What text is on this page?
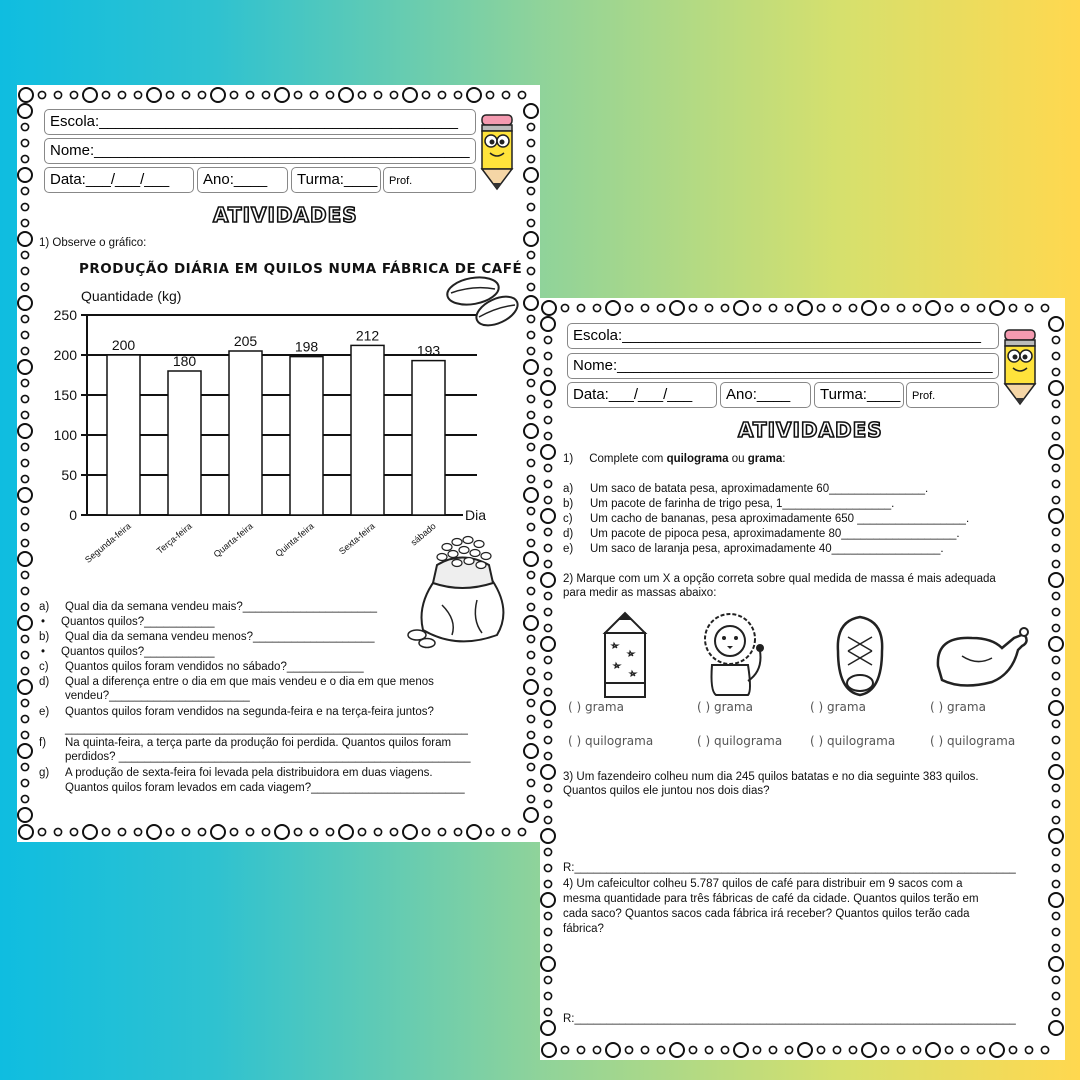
Escola:___________________________________________
Nome:_____________________________________________
Data:___/___/___	Ano:____	Turma:____	Prof.
ATIVIDADES
1) Observe o gráfico:
PRODUÇÃO DIÁRIA EM QUILOS NUMA FÁBRICA DE CAFÉ
200
180
205	198
212
193
0
50
100
150
200
250
Segunda-feira Terça-feira Quarta-feira Quinta-feira Sexta-feira	sábado
Quantidade (kg)
Dia
a) Qual dia da semana vendeu mais?_____________________
• Quantos quilos?___________
b) Qual dia da semana vendeu menos?___________________
• Quantos quilos?___________
c) Quantos quilos foram vendidos no sábado?____________
d) Qual a diferença entre o dia em que mais vendeu e o dia em que menos
vendeu?______________________
e) Quantos quilos foram vendidos na segunda-feira e na terça-feira juntos?
_______________________________________________________________
f) Na quinta-feira, a terça parte da produção foi perdida. Quantos quilos foram
perdidos? _______________________________________________________
g) A produção de sexta-feira foi levada pela distribuidora em duas viagens.
Quantos quilos foram levados em cada viagem?________________________
Escola:___________________________________________
Nome:_____________________________________________
Data:___/___/___	Ano:____	Turma:____	Prof.
ATIVIDADES
1) Complete com quilograma ou grama:
a) Um saco de batata pesa, aproximadamente 60_______________.
b) Um pacote de farinha de trigo pesa, 1_________________.
c) Um cacho de bananas, pesa aproximadamente 650 _________________.
d) Um pacote de pipoca pesa, aproximadamente 80__________________.
e) Um saco de laranja pesa, aproximadamente 40_________________.
2) Marque com um X a opção correta sobre qual medida de massa é mais adequada
para medir as massas abaixo:
( ) grama
( ) quilograma
( ) grama
( ) quilograma
( ) grama
( ) quilograma
( ) grama
( ) quilograma
3) Um fazendeiro colheu num dia 245 quilos batatas e no dia seguinte 383 quilos.
Quantos quilos ele juntou nos dois dias?
R:_____________________________________________________________________
4) Um cafeicultor colheu 5.787 quilos de café para distribuir em 9 sacos com a
mesma quantidade para três fábricas de café da cidade. Quantos quilos terão em
cada saco? Quantos sacos cada fábrica irá receber? Quantos quilos terão cada
fábrica?
R:_____________________________________________________________________
